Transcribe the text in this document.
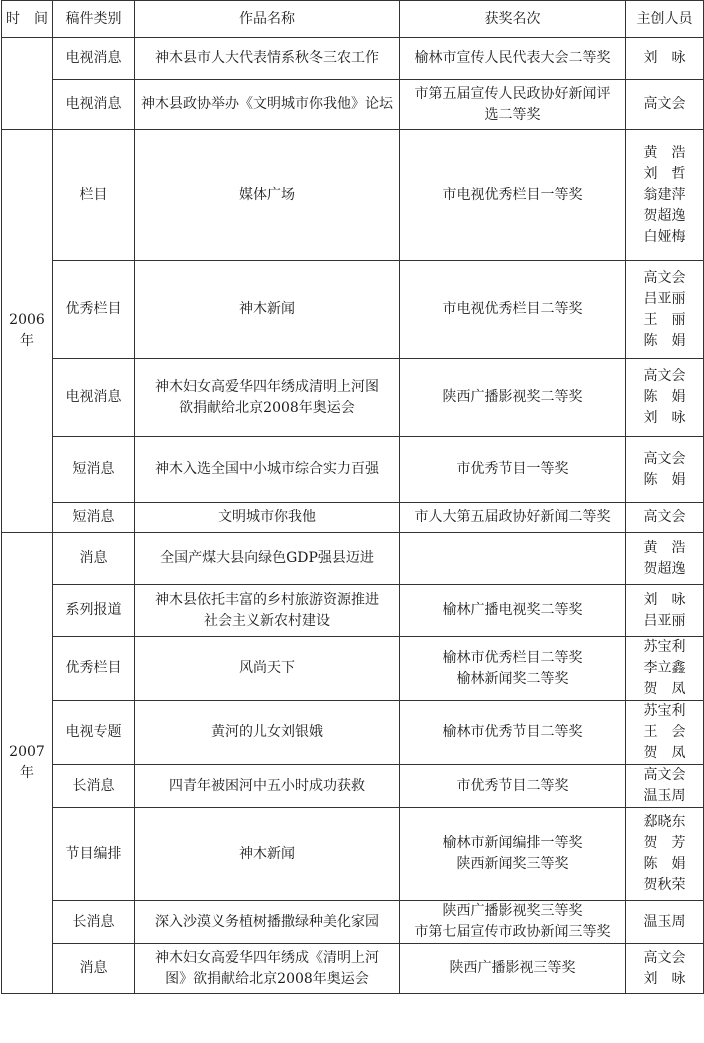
时　间	稿件类别	作品名称	获奖名次	主创人员
	电视消息	神木县市人大代表情系秋冬三农工作	榆林市宣传人民代表大会二等奖	刘　咏

	电视消息	神木县政协举办《文明城市你我他》论坛	市第五届宣传人民政协好新闻评
选二等奖	高文会

2006年	栏目	媒体广场	市电视优秀栏目一等奖	黄　浩
刘　哲
翁建萍
贺超逸
白娅梅

	优秀栏目	神木新闻	市电视优秀栏目二等奖	高文会
吕亚丽
王　丽
陈　娟

	电视消息	神木妇女高爱华四年绣成清明上河图
欲捐献给北京2008年奥运会	陕西广播影视奖二等奖	高文会
陈　娟
刘　咏

	短消息	神木入选全国中小城市综合实力百强	市优秀节目一等奖	高文会
陈　娟

	短消息	文明城市你我他	市人大第五届政协好新闻二等奖	高文会

2007年	消息	全国产煤大县向绿色GDP强县迈进		黄　浩
贺超逸

	系列报道	神木县依托丰富的乡村旅游资源推进
社会主义新农村建设	榆林广播电视奖二等奖	刘　咏
吕亚丽

	优秀栏目	风尚天下	榆林市优秀栏目二等奖
榆林新闻奖二等奖	苏宝利
李立鑫
贺　凤

	电视专题	黄河的儿女刘银娥	榆林市优秀节目二等奖	苏宝利
王　会
贺　凤

	长消息	四青年被困河中五小时成功获救	市优秀节目二等奖	高文会
温玉周

	节目编排	神木新闻	榆林市新闻编排一等奖
陕西新闻奖三等奖	郄晓东
贺　芳
陈　娟
贺秋荣

	长消息	深入沙漠义务植树播撒绿种美化家园	陕西广播影视奖三等奖
市第七届宣传市政协新闻三等奖	温玉周

	消息	神木妇女高爱华四年绣成《清明上河
图》欲捐献给北京2008年奥运会	陕西广播影视三等奖	高文会
刘　咏
